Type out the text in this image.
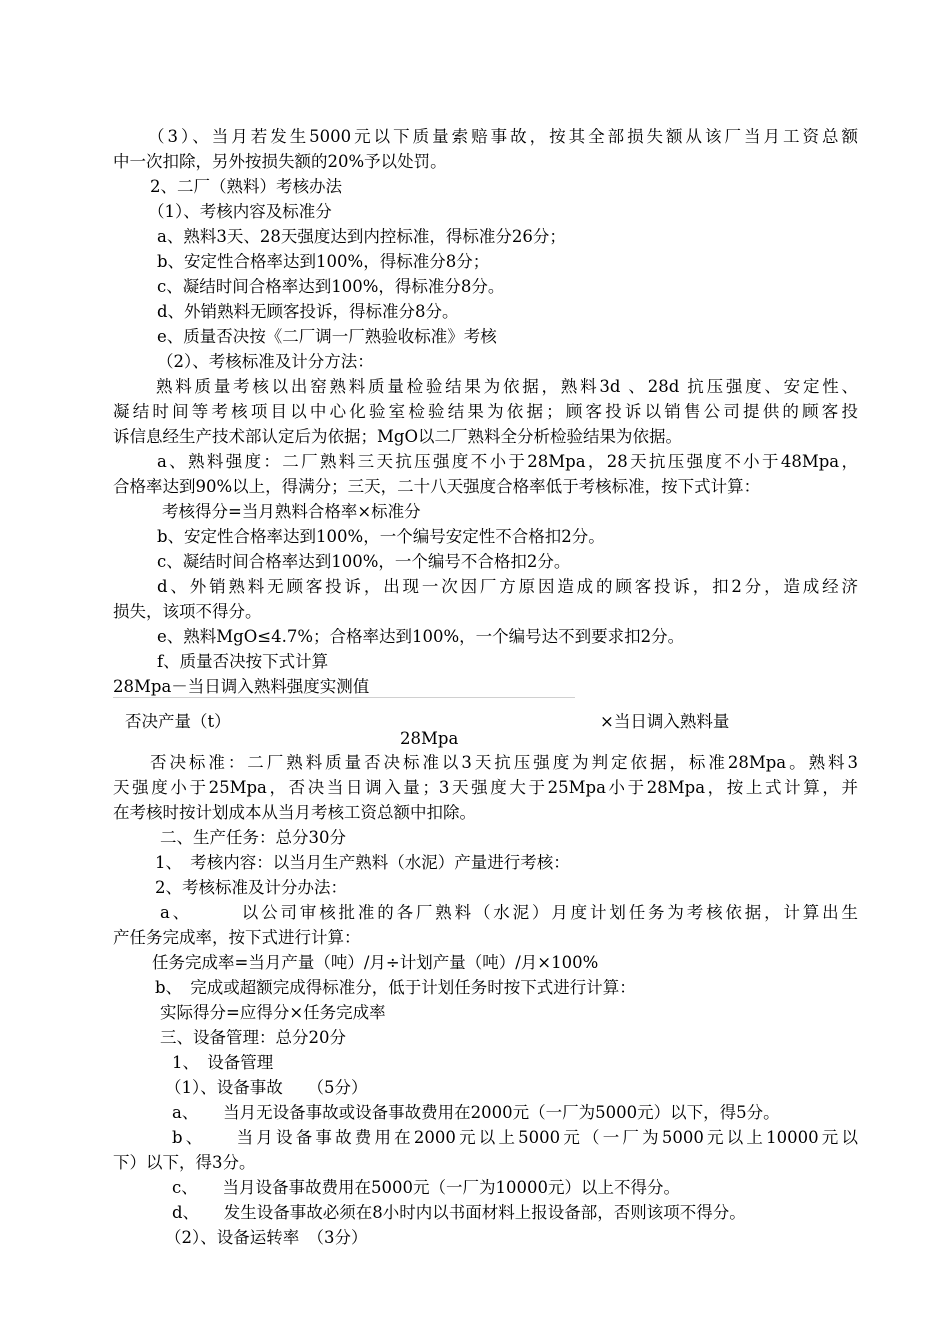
（3）、当月若发生5000元以下质量索赔事故，按其全部损失额从该厂当月工资总额
中一次扣除，另外按损失额的20%予以处罚。
2、二厂（熟料）考核办法
（1）、考核内容及标准分
a、熟料3天、28天强度达到内控标准，得标准分26分；
b、安定性合格率达到100%，得标准分8分；
c、凝结时间合格率达到100%，得标准分8分。
d、外销熟料无顾客投诉，得标准分8分。
e、质量否决按《二厂调一厂熟验收标准》考核
（2）、考核标准及计分方法：
熟料质量考核以出窑熟料质量检验结果为依据，熟料3d 、28d 抗压强度、安定性、
凝结时间等考核项目以中心化验室检验结果为依据；顾客投诉以销售公司提供的顾客投
诉信息经生产技术部认定后为依据；MgO以二厂熟料全分析检验结果为依据。
a、熟料强度：二厂熟料三天抗压强度不小于28Mpa，28天抗压强度不小于48Mpa，
合格率达到90%以上，得满分；三天，二十八天强度合格率低于考核标准，按下式计算：
考核得分=当月熟料合格率×标准分
b、安定性合格率达到100%，一个编号安定性不合格扣2分。
c、凝结时间合格率达到100%，一个编号不合格扣2分。
d、外销熟料无顾客投诉，出现一次因厂方原因造成的顾客投诉，扣2分，造成经济
损失，该项不得分。
e、熟料MgO≤4.7%；合格率达到100%，一个编号达不到要求扣2分。
f、质量否决按下式计算
28Mpa－当日调入熟料强度实测值
否决产量（t）	×当日调入熟料量
28Mpa
否决标准：二厂熟料质量否决标准以3天抗压强度为判定依据，标准28Mpa。熟料3
天强度小于25Mpa，否决当日调入量；3天强度大于25Mpa小于28Mpa，按上式计算，并
在考核时按计划成本从当月考核工资总额中扣除。
二、生产任务：总分30分
1、　考核内容：以当月生产熟料（水泥）产量进行考核：
2、考核标准及计分办法：
a、　　　以公司审核批准的各厂熟料（水泥）月度计划任务为考核依据，计算出生
产任务完成率，按下式进行计算：
任务完成率=当月产量（吨）/月÷计划产量（吨）/月×100%
b、　完成或超额完成得标准分，低于计划任务时按下式进行计算：
实际得分=应得分×任务完成率
三、设备管理：总分20分
1、　设备管理
（1）、设备事故　　（5分）
a、　　当月无设备事故或设备事故费用在2000元（一厂为5000元）以下，得5分。
b、　　当月设备事故费用在2000元以上5000元（一厂为5000元以上10000元以
下）以下，得3分。
c、　　当月设备事故费用在5000元（一厂为10000元）以上不得分。
d、　　发生设备事故必须在8小时内以书面材料上报设备部，否则该项不得分。
（2）、设备运转率　（3分）
